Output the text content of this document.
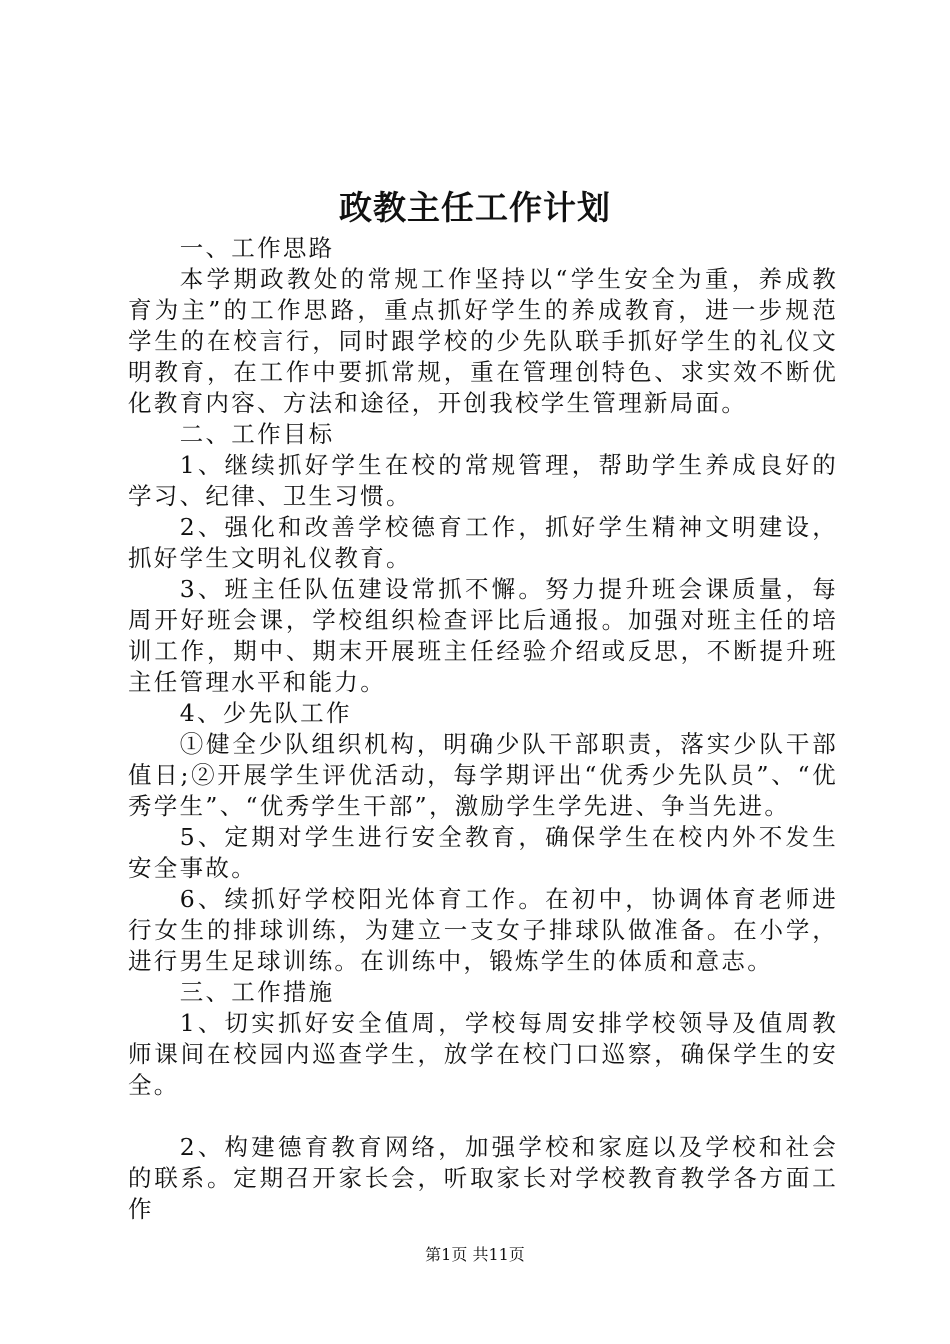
政教主任工作计划

一、工作思路

本学期政教处的常规工作坚持以“学生安全为重，养成教育为主”的工作思路，重点抓好学生的养成教育，进一步规范学生的在校言行，同时跟学校的少先队联手抓好学生的礼仪文明教育，在工作中要抓常规，重在管理创特色、求实效不断优化教育内容、方法和途径，开创我校学生管理新局面。

二、工作目标

1、继续抓好学生在校的常规管理，帮助学生养成良好的学习、纪律、卫生习惯。

2、强化和改善学校德育工作，抓好学生精神文明建设，抓好学生文明礼仪教育。

3、班主任队伍建设常抓不懈。努力提升班会课质量，每周开好班会课，学校组织检查评比后通报。加强对班主任的培训工作，期中、期末开展班主任经验介绍或反思，不断提升班主任管理水平和能力。

4、少先队工作

①健全少队组织机构，明确少队干部职责，落实少队干部值日;②开展学生评优活动，每学期评出“优秀少先队员”、“优秀学生”、“优秀学生干部”，激励学生学先进、争当先进。

5、定期对学生进行安全教育，确保学生在校内外不发生安全事故。

6、续抓好学校阳光体育工作。在初中，协调体育老师进行女生的排球训练，为建立一支女子排球队做准备。在小学，进行男生足球训练。在训练中，锻炼学生的体质和意志。

三、工作措施

1、切实抓好安全值周，学校每周安排学校领导及值周教师课间在校园内巡查学生，放学在校门口巡察，确保学生的安全。

2、构建德育教育网络，加强学校和家庭以及学校和社会的联系。定期召开家长会，听取家长对学校教育教学各方面工作

第1页 共11页
